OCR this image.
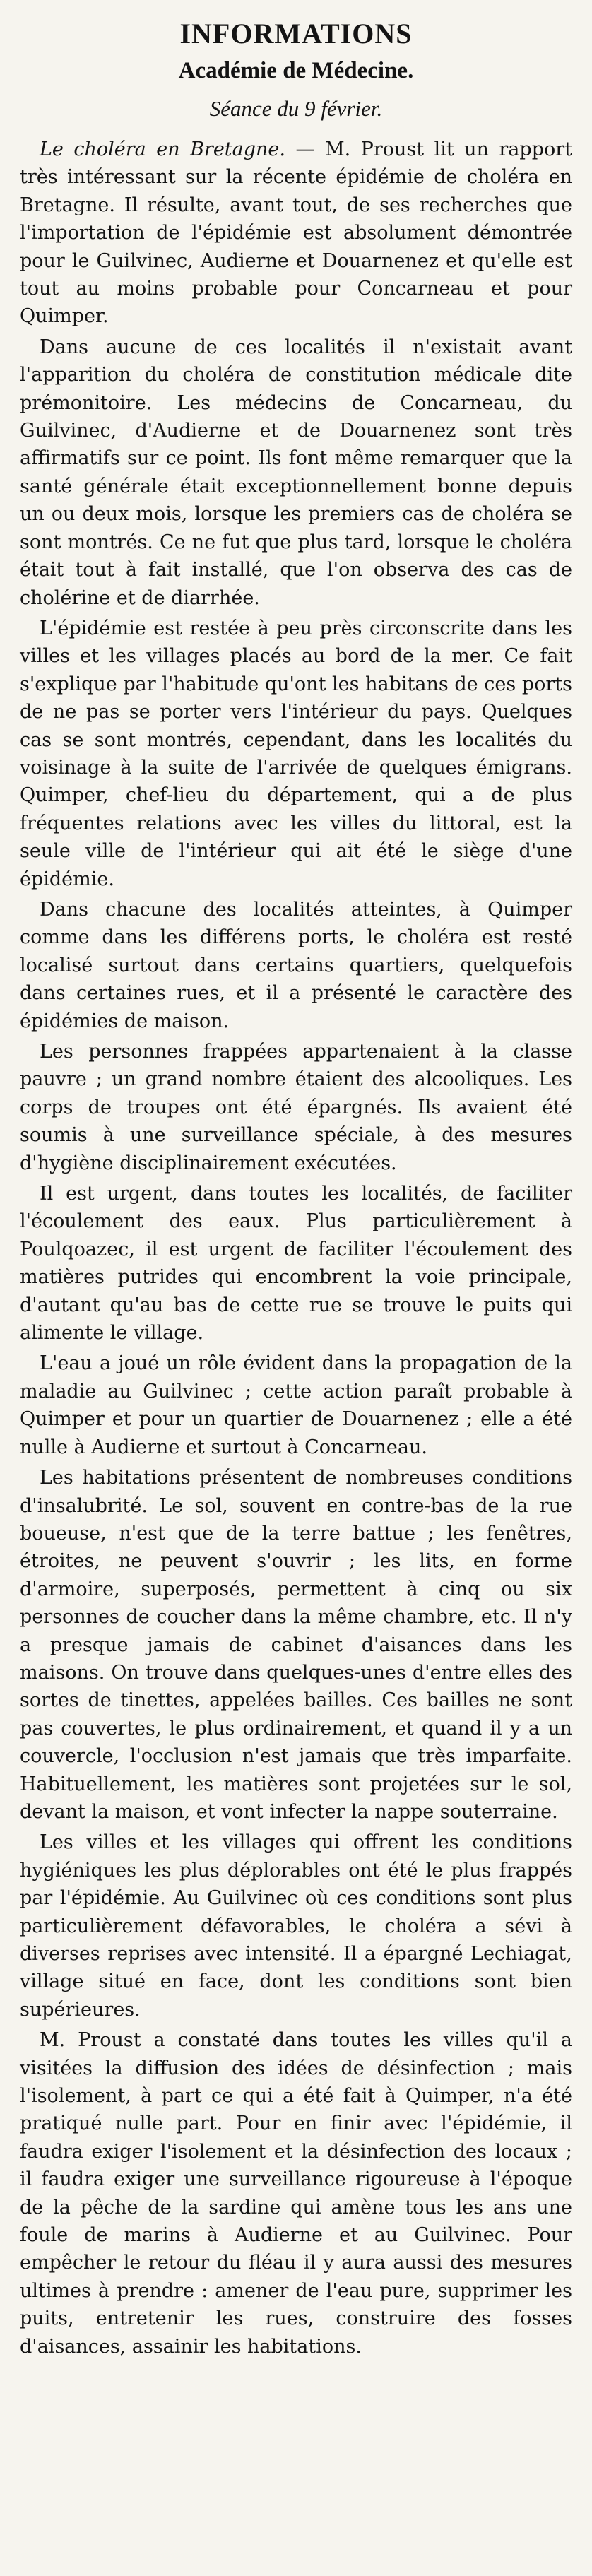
INFORMATIONS
Académie de Médecine.
Séance du 9 février.

Le choléra en Bretagne. — M. Proust lit un rapport très intéressant sur la récente épidémie de choléra en Bretagne. Il résulte, avant tout, de ses recherches que l'importation de l'épidémie est absolument démontrée pour le Guilvinec, Audierne et Douarnenez et qu'elle est tout au moins probable pour Concarneau et pour Quimper.

Dans aucune de ces localités il n'existait avant l'apparition du choléra de constitution médicale dite prémonitoire. Les médecins de Concarneau, du Guilvinec, d'Audierne et de Douarnenez sont très affirmatifs sur ce point. Ils font même remarquer que la santé générale était exceptionnellement bonne depuis un ou deux mois, lorsque les premiers cas de choléra se sont montrés. Ce ne fut que plus tard, lorsque le choléra était tout à fait installé, que l'on observa des cas de cholérine et de diarrhée.

L'épidémie est restée à peu près circonscrite dans les villes et les villages placés au bord de la mer. Ce fait s'explique par l'habitude qu'ont les habitans de ces ports de ne pas se porter vers l'intérieur du pays. Quelques cas se sont montrés, cependant, dans les localités du voisinage à la suite de l'arrivée de quelques émigrans. Quimper, chef-lieu du département, qui a de plus fréquentes relations avec les villes du littoral, est la seule ville de l'intérieur qui ait été le siège d'une épidémie.

Dans chacune des localités atteintes, à Quimper comme dans les différens ports, le choléra est resté localisé surtout dans certains quartiers, quelquefois dans certaines rues, et il a présenté le caractère des épidémies de maison.

Les personnes frappées appartenaient à la classe pauvre ; un grand nombre étaient des alcooliques. Les corps de troupes ont été épargnés. Ils avaient été soumis à une surveillance spéciale, à des mesures d'hygiène disciplinairement exécutées.

Il est urgent, dans toutes les localités, de faciliter l'écoulement des eaux. Plus particulièrement à Poulqoazec, il est urgent de faciliter l'écoulement des matières putrides qui encombrent la voie principale, d'autant qu'au bas de cette rue se trouve le puits qui alimente le village.

L'eau a joué un rôle évident dans la propagation de la maladie au Guilvinec ; cette action paraît probable à Quimper et pour un quartier de Douarnenez ; elle a été nulle à Audierne et surtout à Concarneau.

Les habitations présentent de nombreuses conditions d'insalubrité. Le sol, souvent en contre-bas de la rue boueuse, n'est que de la terre battue ; les fenêtres, étroites, ne peuvent s'ouvrir ; les lits, en forme d'armoire, superposés, permettent à cinq ou six personnes de coucher dans la même chambre, etc. Il n'y a presque jamais de cabinet d'aisances dans les maisons. On trouve dans quelques-unes d'entre elles des sortes de tinettes, appelées bailles. Ces bailles ne sont pas couvertes, le plus ordinairement, et quand il y a un couvercle, l'occlusion n'est jamais que très imparfaite. Habituellement, les matières sont projetées sur le sol, devant la maison, et vont infecter la nappe souterraine.

Les villes et les villages qui offrent les conditions hygiéniques les plus déplorables ont été le plus frappés par l'épidémie. Au Guilvinec où ces conditions sont plus particulièrement défavorables, le choléra a sévi à diverses reprises avec intensité. Il a épargné Lechiagat, village situé en face, dont les conditions sont bien supérieures.

M. Proust a constaté dans toutes les villes qu'il a visitées la diffusion des idées de désinfection ; mais l'isolement, à part ce qui a été fait à Quimper, n'a été pratiqué nulle part. Pour en finir avec l'épidémie, il faudra exiger l'isolement et la désinfection des locaux ; il faudra exiger une surveillance rigoureuse à l'époque de la pêche de la sardine qui amène tous les ans une foule de marins à Audierne et au Guilvinec. Pour empêcher le retour du fléau il y aura aussi des mesures ultimes à prendre : amener de l'eau pure, supprimer les puits, entretenir les rues, construire des fosses d'aisances, assainir les habitations.
